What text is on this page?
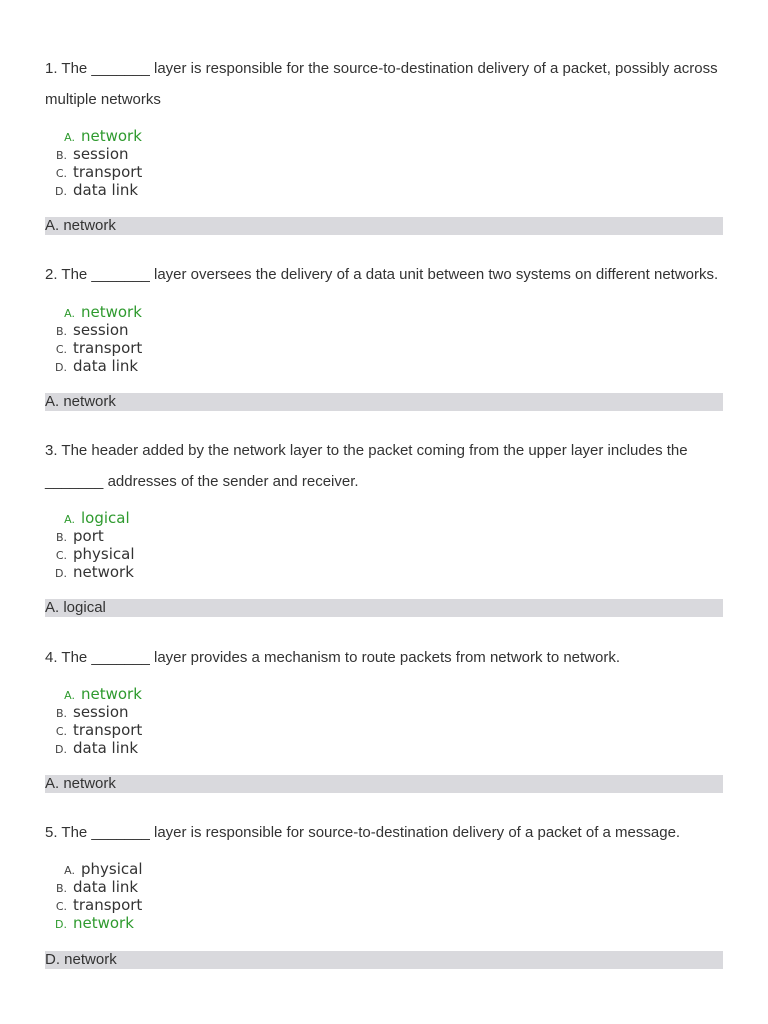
1. The _______ layer is responsible for the source-to-destination delivery of a packet, possibly across multiple networks

A. network
B. session
C. transport
D. data link
A. network

2. The _______ layer oversees the delivery of a data unit between two systems on different networks.

A. network
B. session
C. transport
D. data link
A. network

3. The header added by the network layer to the packet coming from the upper layer includes the _______ addresses of the sender and receiver.

A. logical
B. port
C. physical
D. network
A. logical

4. The _______ layer provides a mechanism to route packets from network to network.

A. network
B. session
C. transport
D. data link
A. network

5. The _______ layer is responsible for source-to-destination delivery of a packet of a message.

A. physical
B. data link
C. transport
D. network
D. network
